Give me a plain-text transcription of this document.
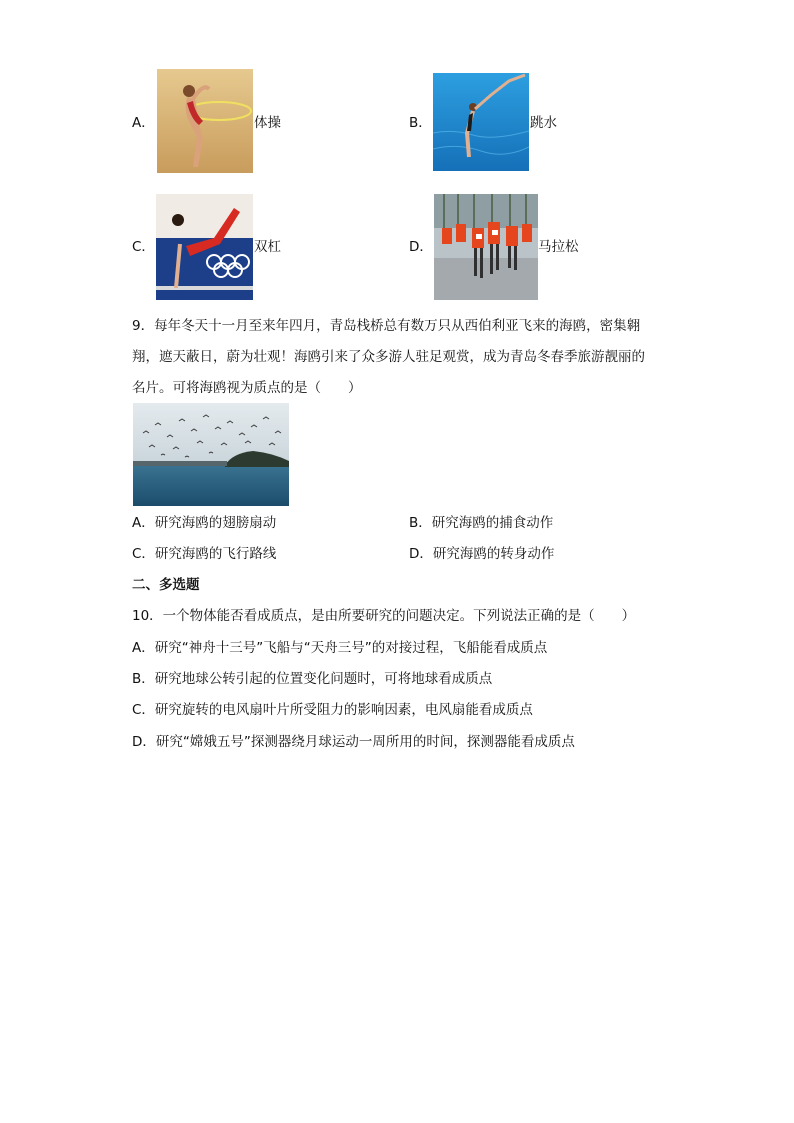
A．	体操	B．	跳水
C．	双杠	D．	马拉松
9．每年冬天十一月至来年四月，青岛栈桥总有数万只从西伯利亚飞来的海鸥，密集翱
翔，遮天蔽日，蔚为壮观！海鸥引来了众多游人驻足观赏，成为青岛冬春季旅游靓丽的
名片。可将海鸥视为质点的是（　　）
A．研究海鸥的翅膀扇动	B．研究海鸥的捕食动作
C．研究海鸥的飞行路线	D．研究海鸥的转身动作
二、多选题
10．一个物体能否看成质点，是由所要研究的问题决定。下列说法正确的是（　　）
A．研究“神舟十三号”飞船与“天舟三号”的对接过程，飞船能看成质点
B．研究地球公转引起的位置变化问题时，可将地球看成质点
C．研究旋转的电风扇叶片所受阻力的影响因素，电风扇能看成质点
D．研究“嫦娥五号”探测器绕月球运动一周所用的时间，探测器能看成质点
